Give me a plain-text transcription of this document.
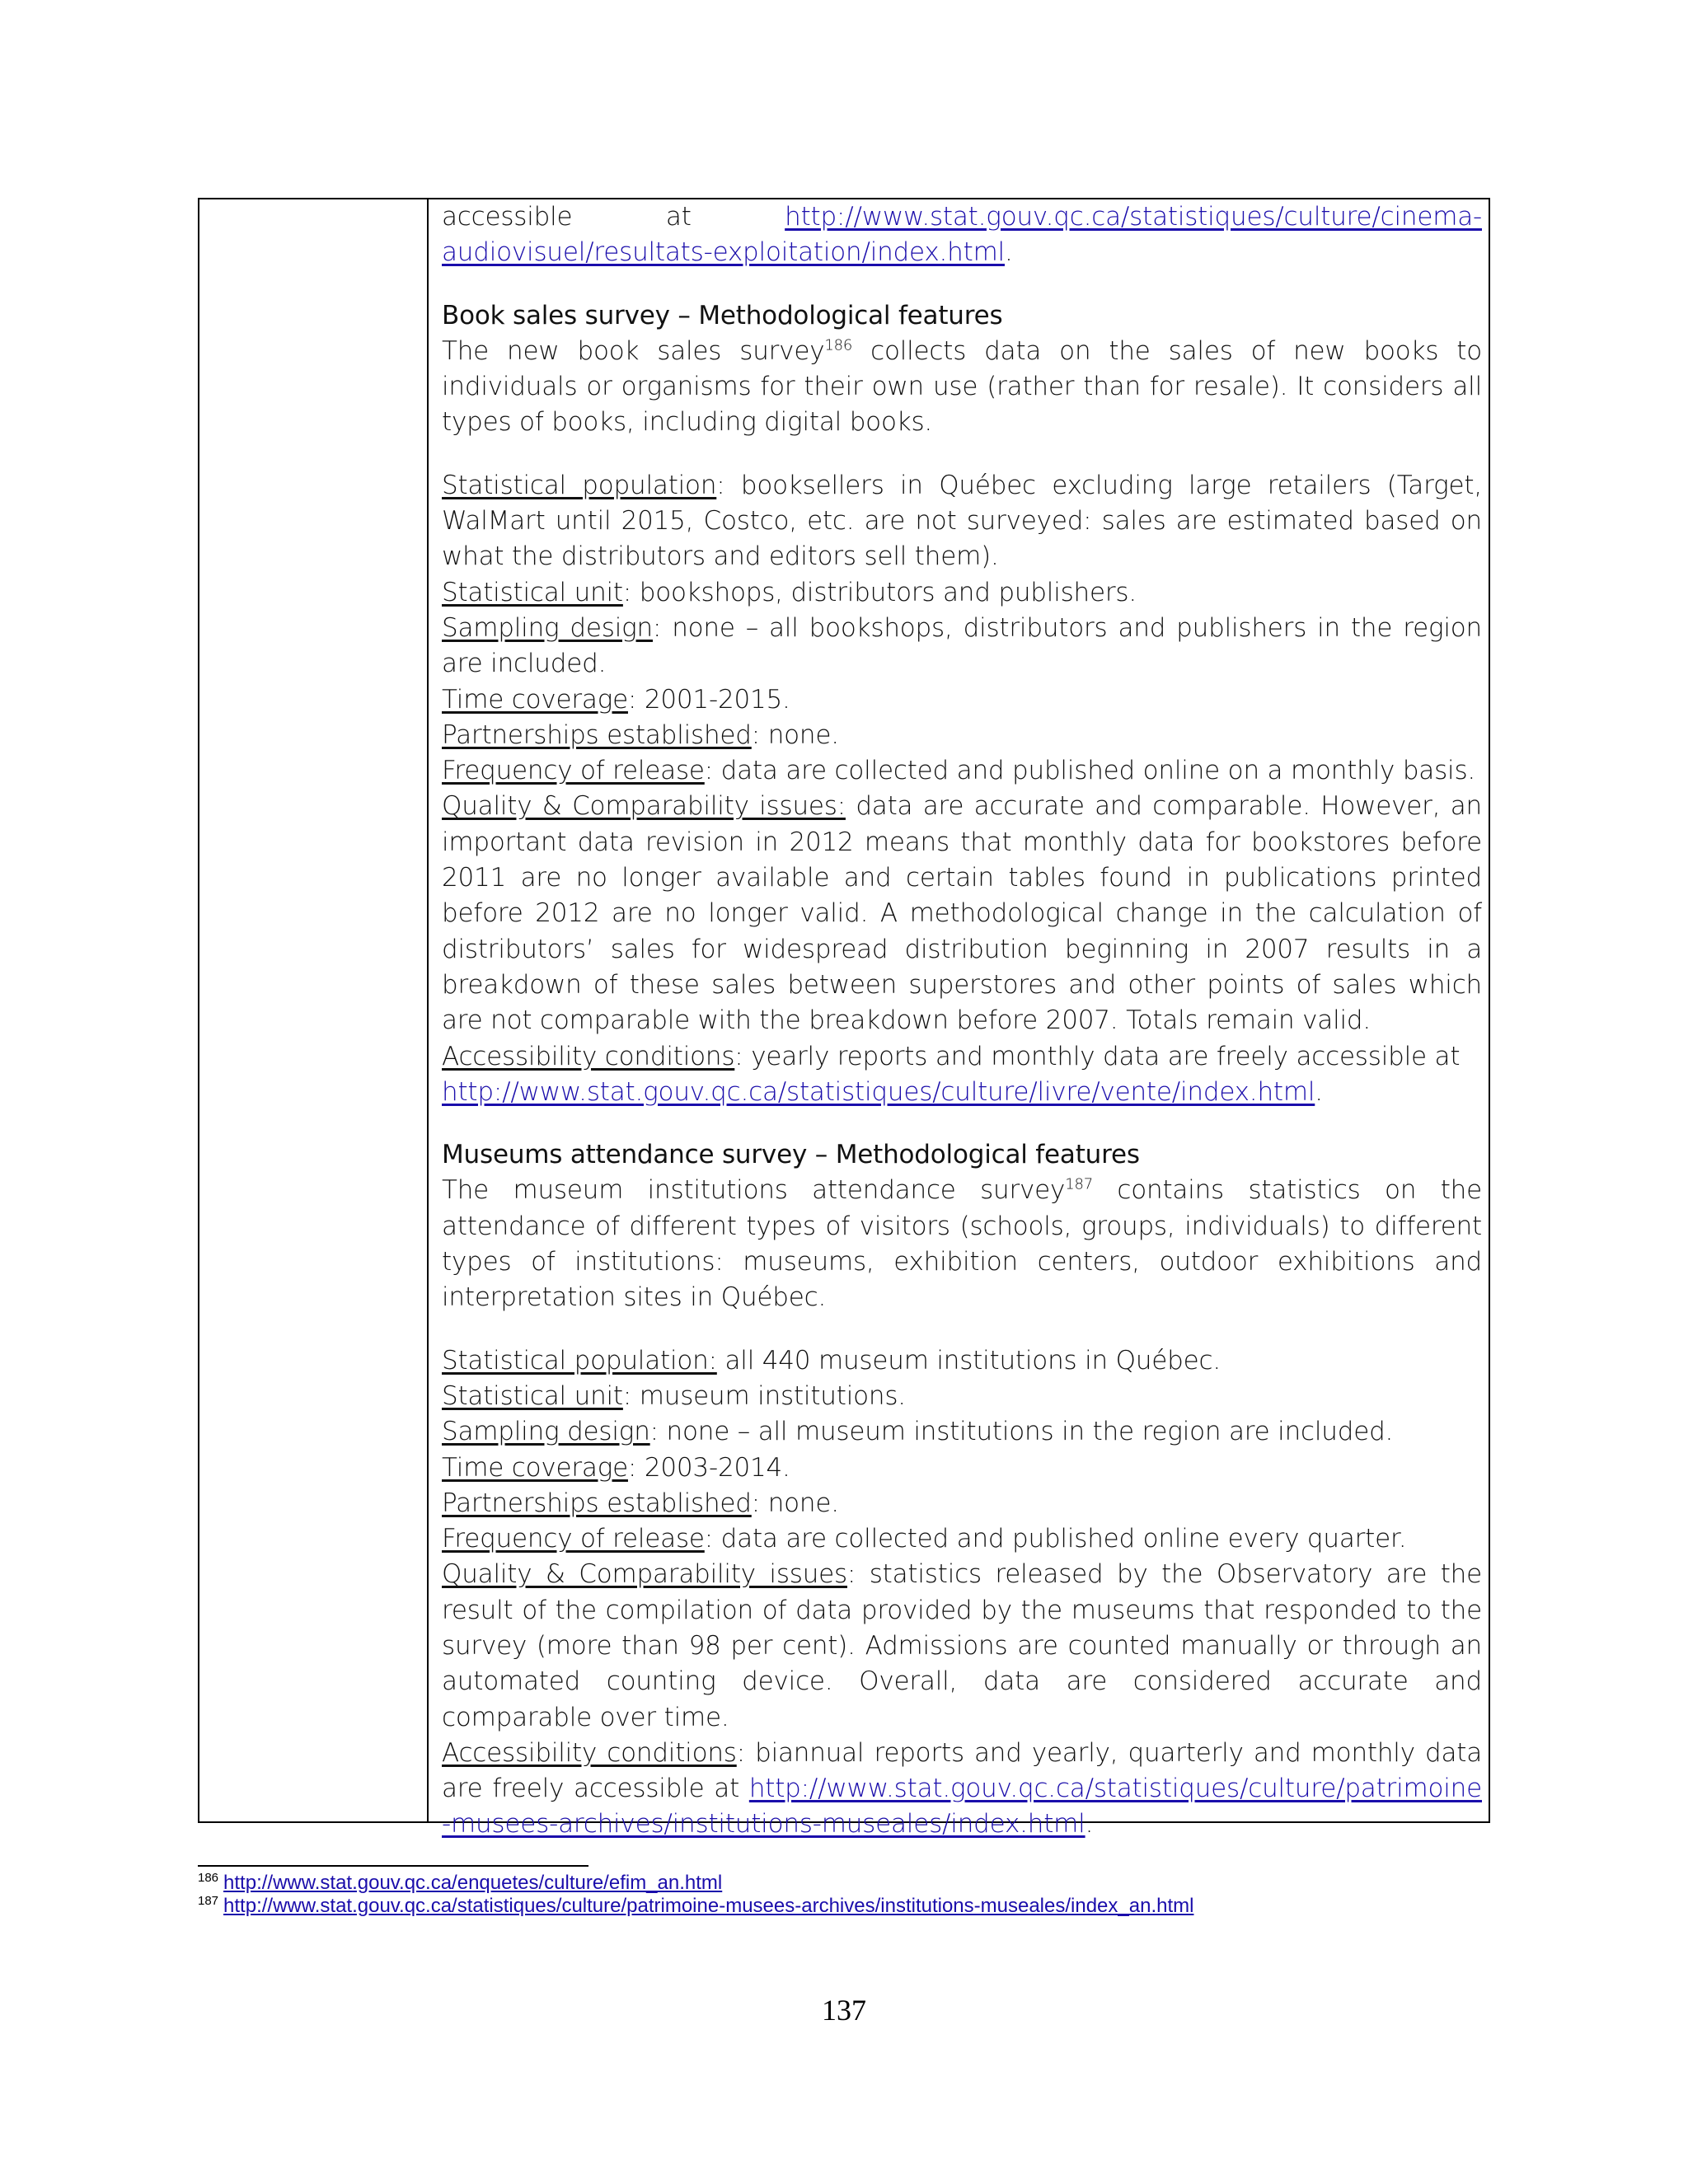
accessible	at	http://www.stat.gouv.qc.ca/statistiques/culture/cinema-

audiovisuel/resultats-exploitation/index.html.

Book sales survey – Methodological features

The new book sales survey$^{186}$ collects data on the sales of new books to individuals or organisms for their own use (rather than for resale). It considers all types of books, including digital books.

Statistical population: booksellers in Québec excluding large retailers (Target, WalMart until 2015, Costco, etc. are not surveyed: sales are estimated based on what the distributors and editors sell them).

Statistical unit: bookshops, distributors and publishers.

Sampling design: none – all bookshops, distributors and publishers in the region are included.

Time coverage: 2001-2015.

Partnerships established: none.

Frequency of release: data are collected and published online on a monthly basis.

Quality & Comparability issues: data are accurate and comparable. However, an important data revision in 2012 means that monthly data for bookstores before 2011 are no longer available and certain tables found in publications printed before 2012 are no longer valid. A methodological change in the calculation of distributors’ sales for widespread distribution beginning in 2007 results in a breakdown of these sales between superstores and other points of sales which are not comparable with the breakdown before 2007. Totals remain valid.

Accessibility conditions: yearly reports and monthly data are freely accessible at

http://www.stat.gouv.qc.ca/statistiques/culture/livre/vente/index.html.

Museums attendance survey – Methodological features

The museum institutions attendance survey$^{187}$ contains statistics on the attendance of different types of visitors (schools, groups, individuals) to different types of institutions: museums, exhibition centers, outdoor exhibitions and interpretation sites in Québec.

Statistical population: all 440 museum institutions in Québec.

Statistical unit: museum institutions.

Sampling design: none – all museum institutions in the region are included.

Time coverage: 2003-2014.

Partnerships established: none.

Frequency of release: data are collected and published online every quarter.

Quality & Comparability issues: statistics released by the Observatory are the result of the compilation of data provided by the museums that responded to the survey (more than 98 per cent). Admissions are counted manually or through an automated counting device. Overall, data are considered accurate and comparable over time.

Accessibility conditions: biannual reports and yearly, quarterly and monthly data are freely accessible at http://www.stat.gouv.qc.ca/statistiques/culture/patrimoine-musees-archives/institutions-museales/index.html.

$^{186}$ http://www.stat.gouv.qc.ca/enquetes/culture/efim_an.html
$^{187}$ http://www.stat.gouv.qc.ca/statistiques/culture/patrimoine-musees-archives/institutions-museales/index_an.html
137
